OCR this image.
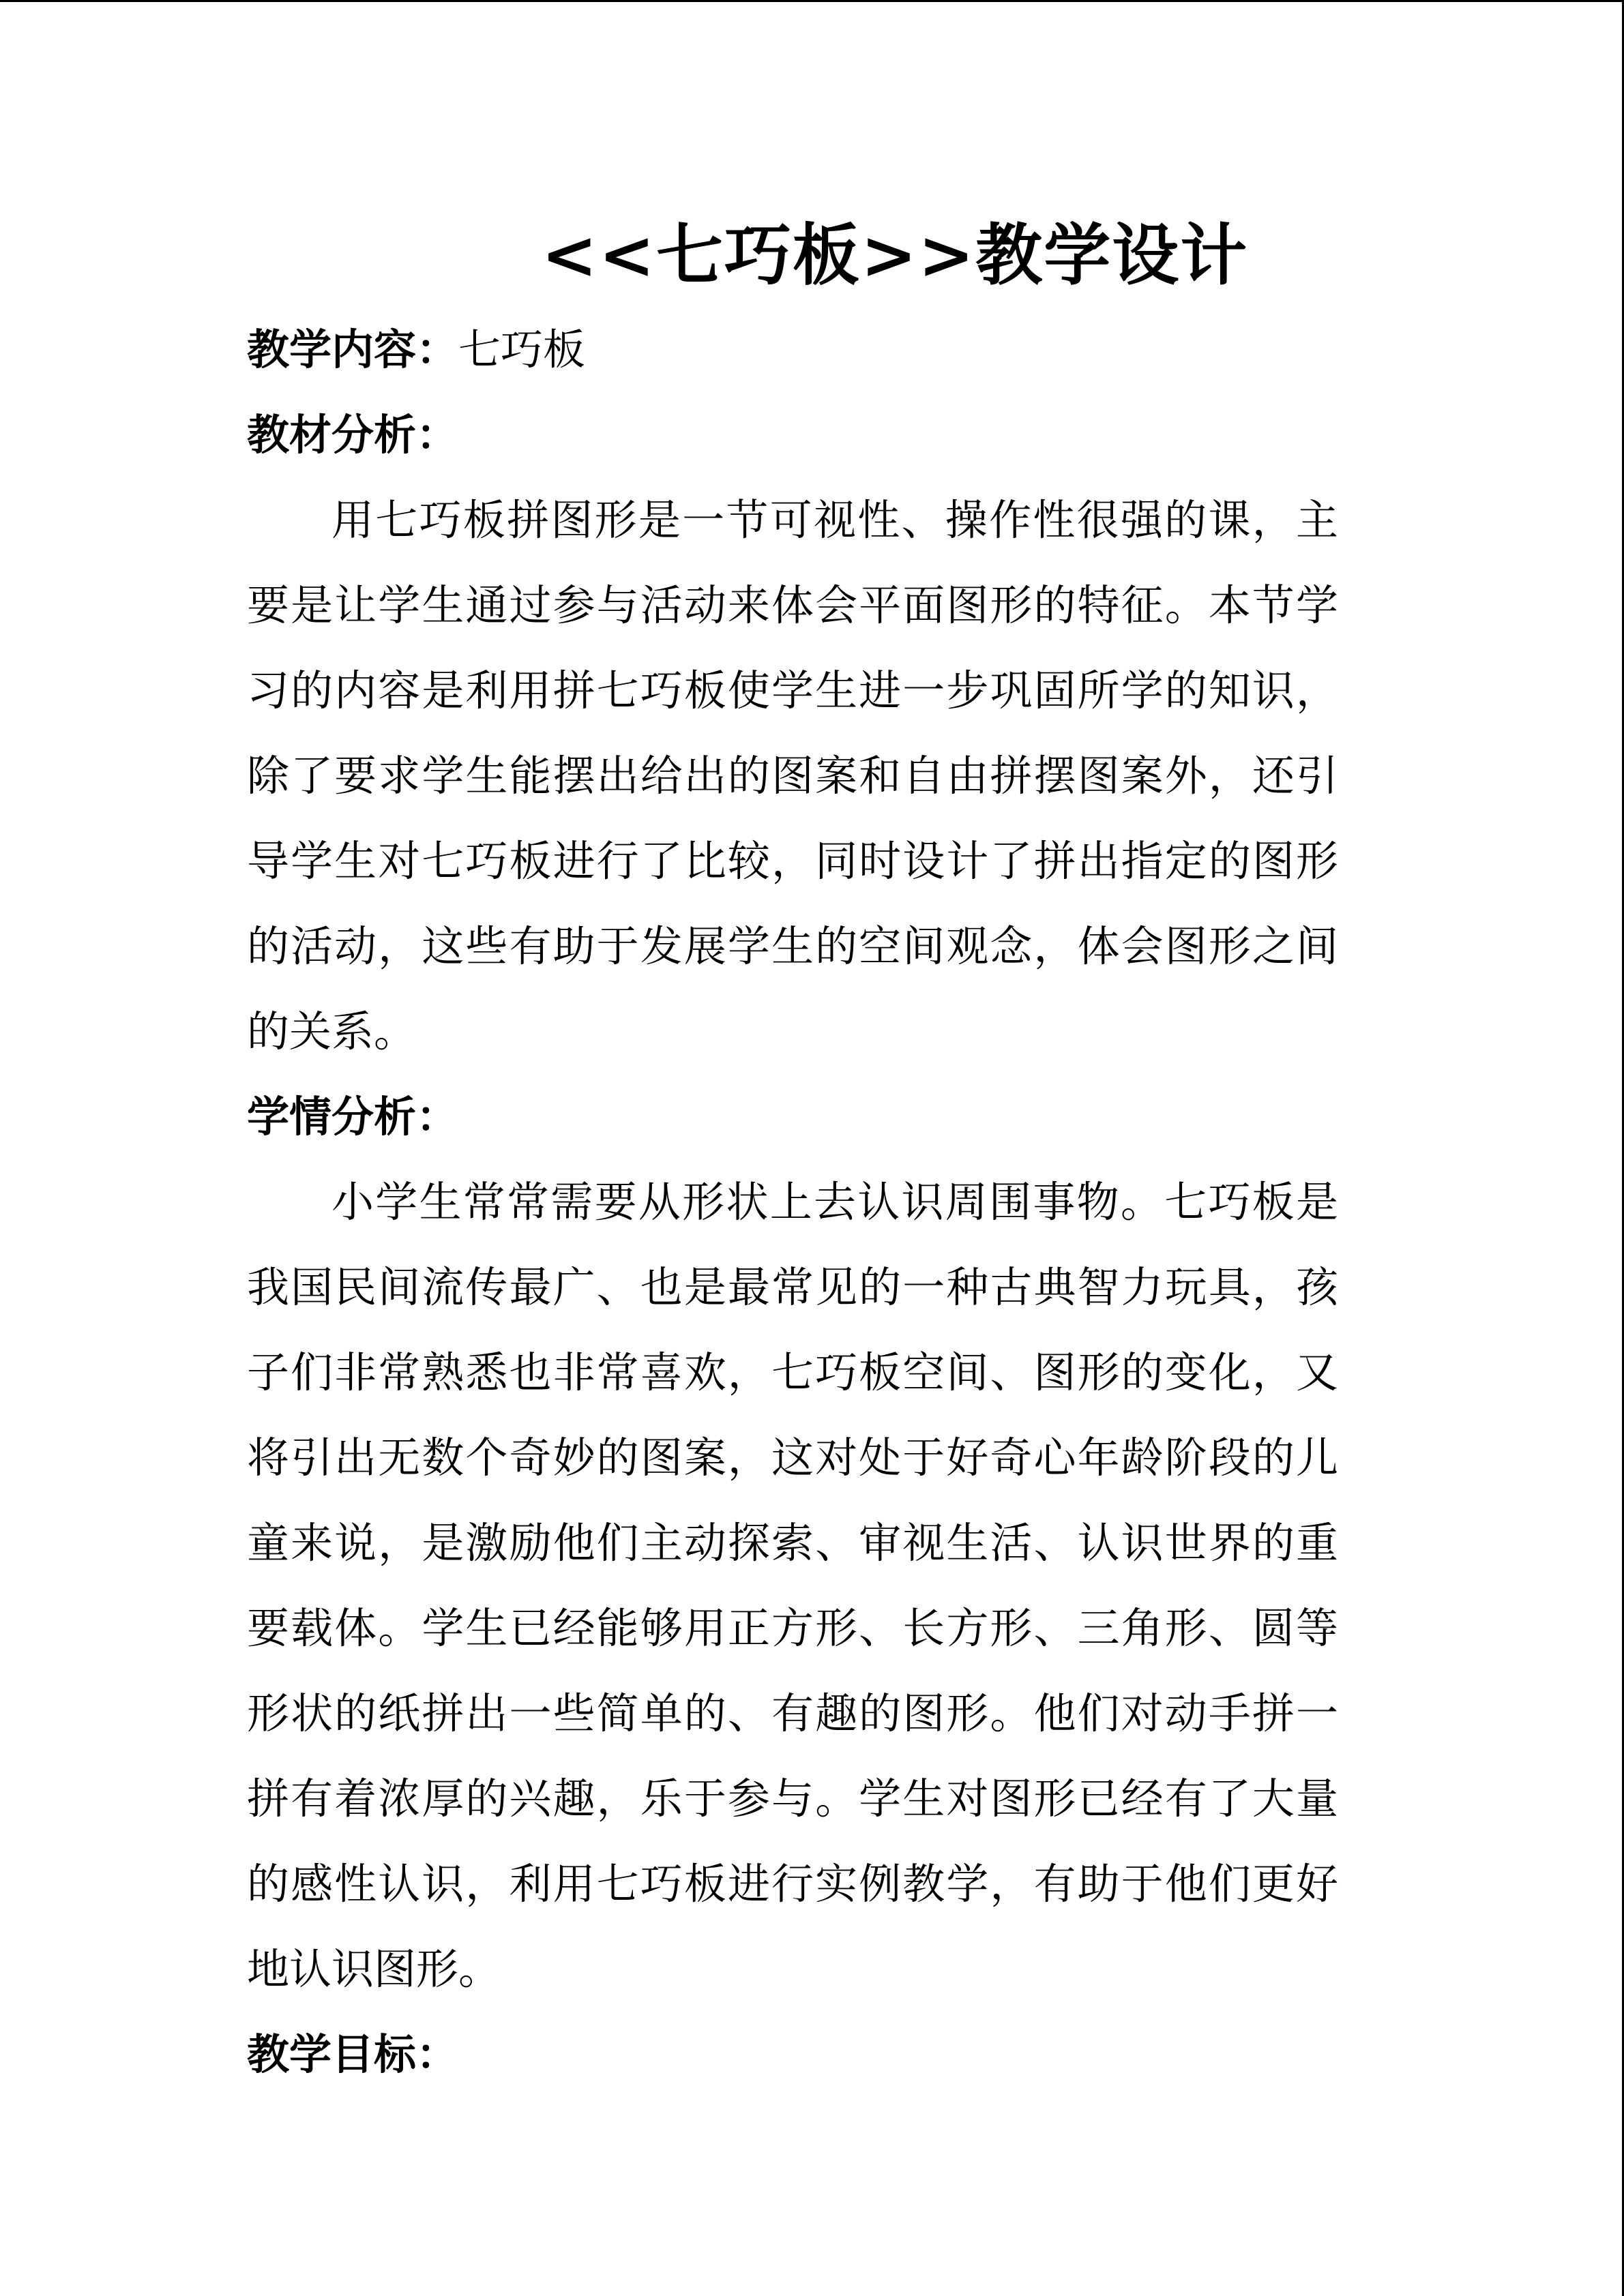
<<七巧板>>教学设计
教学内容：七巧板
教材分析：

用七巧板拼图形是一节可视性、操作性很强的课，主要是让学生通过参与活动来体会平面图形的特征。本节学习的内容是利用拼七巧板使学生进一步巩固所学的知识，除了要求学生能摆出给出的图案和自由拼摆图案外，还引导学生对七巧板进行了比较，同时设计了拼出指定的图形的活动，这些有助于发展学生的空间观念，体会图形之间的关系。

学情分析：

小学生常常需要从形状上去认识周围事物。七巧板是我国民间流传最广、也是最常见的一种古典智力玩具，孩子们非常熟悉也非常喜欢，七巧板空间、图形的变化，又将引出无数个奇妙的图案，这对处于好奇心年龄阶段的儿童来说，是激励他们主动探索、审视生活、认识世界的重要载体。学生已经能够用正方形、长方形、三角形、圆等形状的纸拼出一些简单的、有趣的图形。他们对动手拼一拼有着浓厚的兴趣，乐于参与。学生对图形已经有了大量的感性认识，利用七巧板进行实例教学，有助于他们更好地认识图形。

教学目标：
